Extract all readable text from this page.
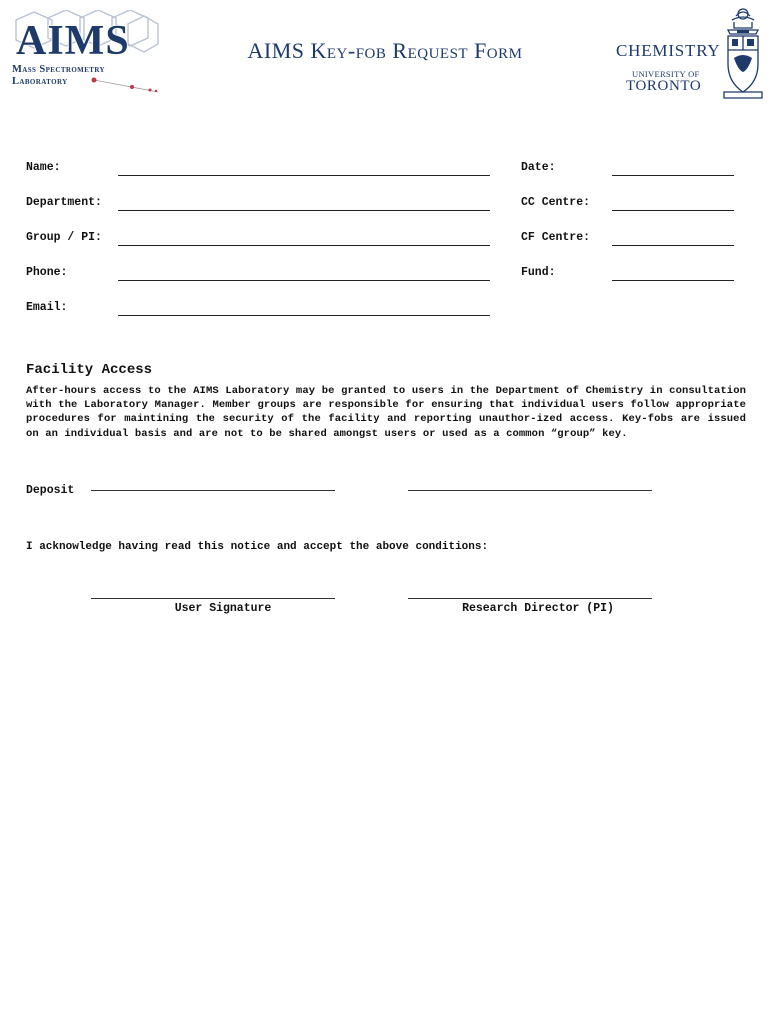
AIMS
Mass Spectrometry
Laboratory
AIMS Key-fob Request Form	CHEMISTRY
UNIVERSITY OF
TORONTO
Name:
Department:
Group / PI:
Phone:
Email:
Date:
CC Centre:
CF Centre:
Fund:
Facility Access
After-hours access to the AIMS Laboratory may be granted to users in the Department of Chemistry in consultation with the Laboratory Manager. Member groups are responsible for ensuring that individual users follow appropriate procedures for maintining the security of the facility and reporting unauthor-ized access. Key-fobs are issued on an individual basis and are not to be shared amongst users or used as a common “group” key.
Deposit
I acknowledge having read this notice and accept the above conditions:
User Signature	Research Director (PI)
